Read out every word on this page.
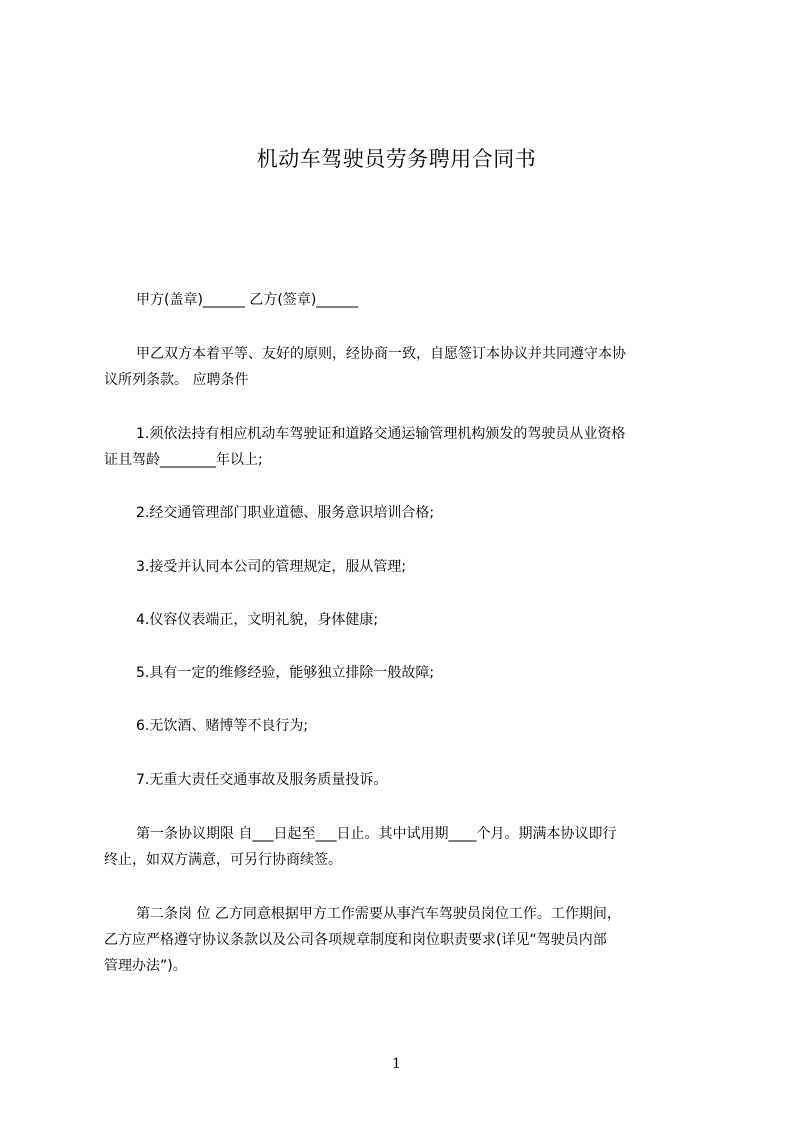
机动车驾驶员劳务聘用合同书
甲方(盖章)______ 乙方(签章)______
甲乙双方本着平等、友好的原则，经协商一致，自愿签订本协议并共同遵守本协
议所列条款。 应聘条件
1.须依法持有相应机动车驾驶证和道路交通运输管理机构颁发的驾驶员从业资格
证且驾龄________年以上;
2.经交通管理部门职业道德、服务意识培训合格;
3.接受并认同本公司的管理规定，服从管理;
4.仪容仪表端正，文明礼貌，身体健康;
5.具有一定的维修经验，能够独立排除一般故障;
6.无饮酒、赌博等不良行为;
7.无重大责任交通事故及服务质量投诉。
第一条协议期限 自___日起至___日止。其中试用期____个月。期满本协议即行
终止，如双方满意，可另行协商续签。
第二条岗 位 乙方同意根据甲方工作需要从事汽车驾驶员岗位工作。工作期间，
乙方应严格遵守协议条款以及公司各项规章制度和岗位职责要求(详见“驾驶员内部
管理办法”)。
1
